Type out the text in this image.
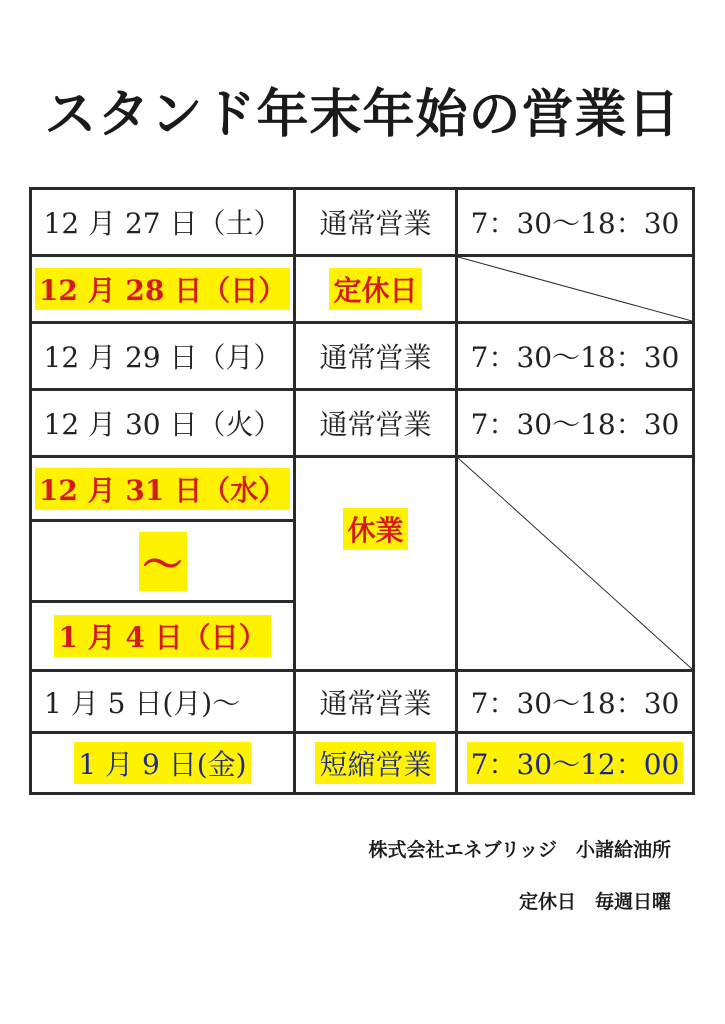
スタンド年末年始の営業日
12 月 27 日（土） 通常営業 7：30～18：30
12 月 28 日（日） 定休日
12 月 29 日（月） 通常営業 7：30～18：30
12 月 30 日（火） 通常営業 7：30～18：30
12 月 31 日（水）
～
1 月 4 日（日）
休業
1 月 5 日(月)～	通常営業 7：30～18：30
1 月 9 日(金)	短縮営業 7：30～12：00
株式会社エネブリッジ　小諸給油所
定休日　毎週日曜
